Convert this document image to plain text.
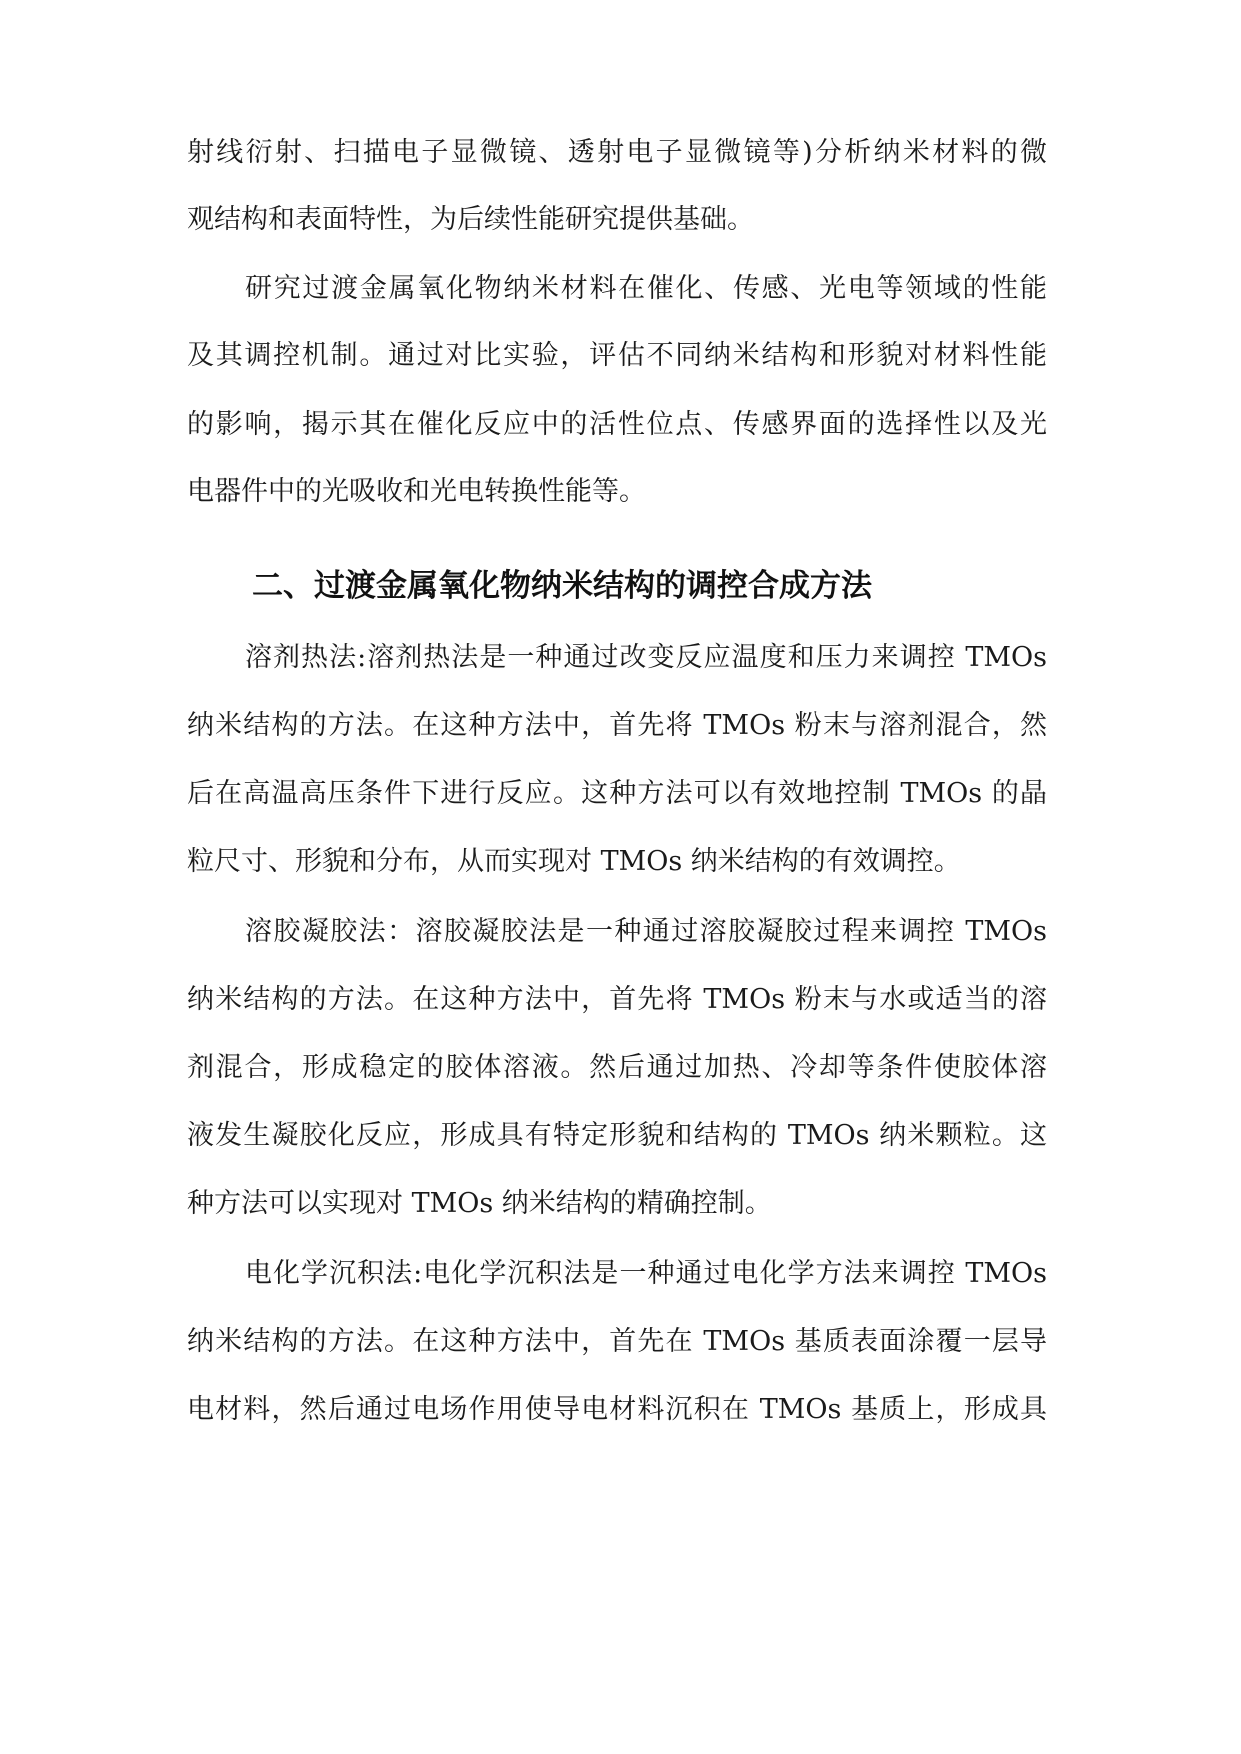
射线衍射、扫描电子显微镜、透射电子显微镜等)分析纳米材料的微
观结构和表面特性，为后续性能研究提供基础。
研究过渡金属氧化物纳米材料在催化、传感、光电等领域的性能
及其调控机制。通过对比实验，评估不同纳米结构和形貌对材料性能
的影响，揭示其在催化反应中的活性位点、传感界面的选择性以及光
电器件中的光吸收和光电转换性能等。
二、过渡金属氧化物纳米结构的调控合成方法
溶剂热法:溶剂热法是一种通过改变反应温度和压力来调控 TMOs
纳米结构的方法。在这种方法中，首先将 TMOs 粉末与溶剂混合，然
后在高温高压条件下进行反应。这种方法可以有效地控制 TMOs 的晶
粒尺寸、形貌和分布，从而实现对 TMOs 纳米结构的有效调控。
溶胶凝胶法：溶胶凝胶法是一种通过溶胶凝胶过程来调控 TMOs
纳米结构的方法。在这种方法中，首先将 TMOs 粉末与水或适当的溶
剂混合，形成稳定的胶体溶液。然后通过加热、冷却等条件使胶体溶
液发生凝胶化反应，形成具有特定形貌和结构的 TMOs 纳米颗粒。这
种方法可以实现对 TMOs 纳米结构的精确控制。
电化学沉积法:电化学沉积法是一种通过电化学方法来调控 TMOs
纳米结构的方法。在这种方法中，首先在 TMOs 基质表面涂覆一层导
电材料，然后通过电场作用使导电材料沉积在 TMOs 基质上，形成具
